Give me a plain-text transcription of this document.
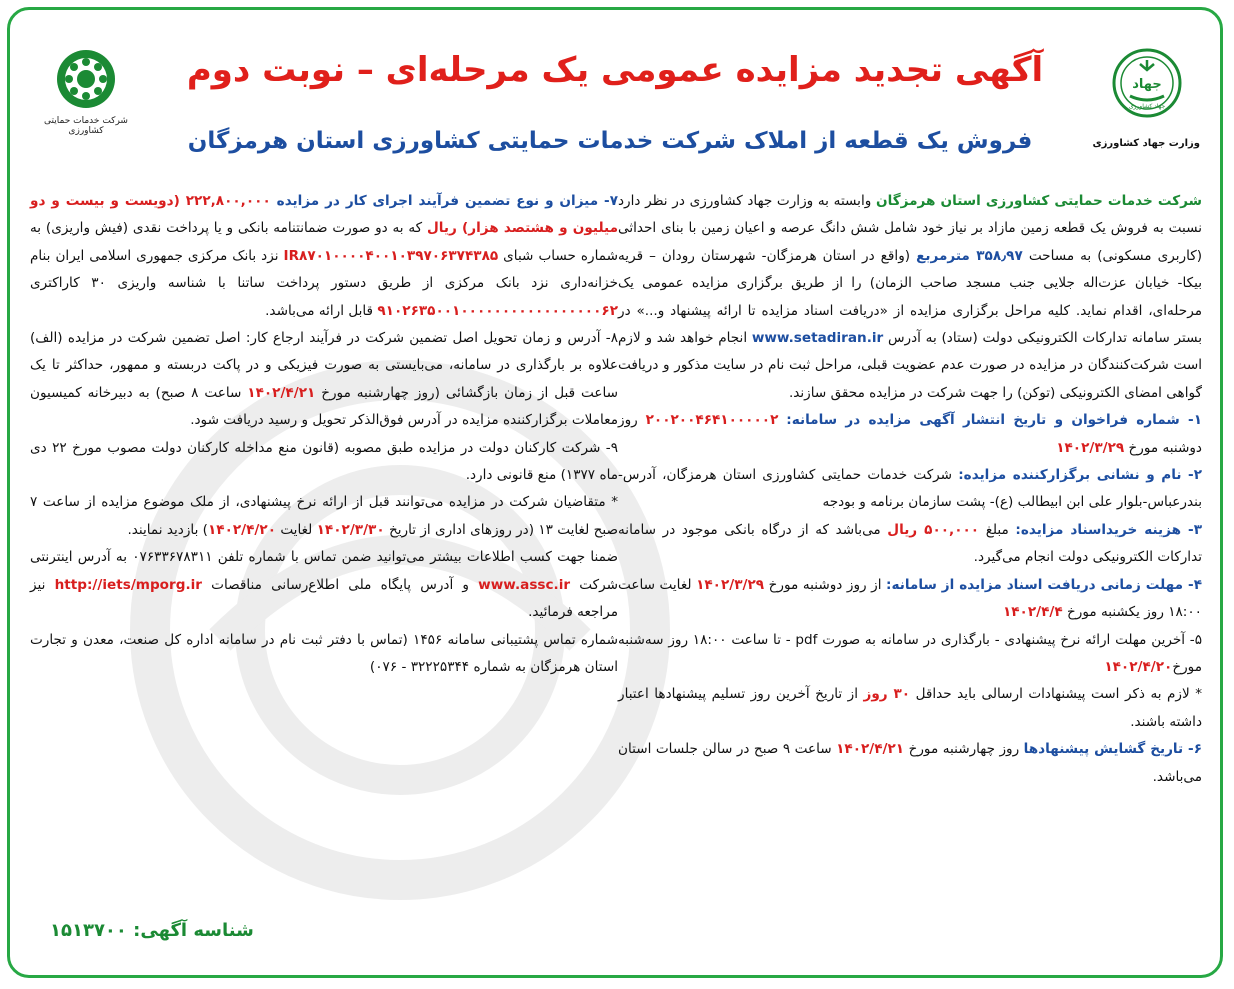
جهاد
جهاد کشاورزی
وزارت جهاد کشاورزی
شرکت خدمات حمایتی کشاورزی
آگهی تجدید مزایده عمومی یک مرحله‌ای – نوبت دوم
فروش یک قطعه از املاک شرکت خدمات حمایتی کشاورزی استان هرمزگان

شرکت خدمات حمایتی کشاورزی استان هرمزگان وابسته به وزارت جهاد کشاورزی در نظر دارد نسبت به فروش یک قطعه زمین مازاد بر نیاز خود شامل شش دانگ عرصه و اعیان زمین با بنای احداثی (کاربری مسکونی) به مساحت ۳۵۸٫۹۷ مترمربع (واقع در استان هرمزگان- شهرستان رودان – قریه بیکا- خیابان عزت‌اله جلایی جنب مسجد صاحب الزمان) را از طریق برگزاری مزایده عمومی یک مرحله‌ای، اقدام نماید. کلیه مراحل برگزاری مزایده از «دریافت اسناد مزایده تا ارائه پیشنهاد و...» در بستر سامانه تدارکات الکترونیکی دولت (ستاد) به آدرس www.setadiran.ir انجام خواهد شد و لازم است شرکت‌کنندگان در مزایده در صورت عدم عضویت قبلی، مراحل ثبت نام در سایت مذکور و دریافت گواهی امضای الکترونیکی (توکن) را جهت شرکت در مزایده محقق سازند.

۱- شماره فراخوان و تاریخ انتشار آگهی مزایده در سامانه: ۲۰۰۲۰۰۴۶۴۱۰۰۰۰۰۲ روز دوشنبه مورخ ۱۴۰۲/۳/۲۹

۲- نام و نشانی برگزارکننده مزایده: شرکت خدمات حمایتی کشاورزی استان هرمزگان، آدرس- بندرعباس-بلوار علی ابن ابیطالب (ع)- پشت سازمان برنامه و بودجه

۳- هزینه خریداسناد مزایده: مبلغ ۵۰۰,۰۰۰ ریال می‌باشد که از درگاه بانکی موجود در سامانه تدارکات الکترونیکی دولت انجام می‌گیرد.

۴- مهلت زمانی دریافت اسناد مزایده از سامانه: از روز دوشنبه مورخ ۱۴۰۲/۳/۲۹ لغایت ساعت ۱۸:۰۰ روز یکشنبه مورخ ۱۴۰۲/۴/۴

۵- آخرین مهلت ارائه نرخ پیشنهادی - بارگذاری در سامانه به صورت pdf - تا ساعت ۱۸:۰۰ روز سه‌شنبه مورخ۱۴۰۲/۴/۲۰

* لازم به ذکر است پیشنهادات ارسالی باید حداقل ۳۰ روز از تاریخ آخرین روز تسلیم پیشنهادها اعتبار داشته باشند.

۶- تاریخ گشایش پیشنهادها روز چهارشنبه مورخ ۱۴۰۲/۴/۲۱ ساعت ۹ صبح در سالن جلسات استان می‌باشد.

۷- میزان و نوع تضمین فرآیند اجرای کار در مزایده ۲۲۲,۸۰۰,۰۰۰ (دویست و بیست و دو میلیون و هشتصد هزار) ریال که به دو صورت ضمانتنامه بانکی و یا پرداخت نقدی (فیش واریزی) به شماره حساب شبای IR۸۷۰۱۰۰۰۰۴۰۰۱۰۳۹۷۰۶۳۷۴۳۸۵ نزد بانک مرکزی جمهوری اسلامی ایران بنام خزانه‌داری نزد بانک مرکزی از طریق دستور پرداخت ساتنا با شناسه واریزی ۳۰ کاراکتری ۹۱۰۲۶۳۵۰۰۱۰۰۰۰۰۰۰۰۰۰۰۰۰۰۰۰۰۶۲ قابل ارائه می‌باشد.

۸- آدرس و زمان تحویل اصل تضمین شرکت در فرآیند ارجاع کار: اصل تضمین شرکت در مزایده (الف) علاوه بر بارگذاری در سامانه، می‌بایستی به صورت فیزیکی و در پاکت دربسته و ممهور، حداکثر تا یک ساعت قبل از زمان بازگشائی (روز چهارشنبه مورخ ۱۴۰۲/۴/۲۱ ساعت ۸ صبح) به دبیرخانه کمیسیون معاملات برگزارکننده مزایده در آدرس فوق‌الذکر تحویل و رسید دریافت شود.

۹- شرکت کارکنان دولت در مزایده طبق مصوبه (قانون منع مداخله کارکنان دولت مصوب مورخ ۲۲ دی ماه ۱۳۷۷) منع قانونی دارد.

* متقاضیان شرکت در مزایده می‌توانند قبل از ارائه نرخ پیشنهادی، از ملک موضوع مزایده از ساعت ۷ صبح لغایت ۱۳ (در روزهای اداری از تاریخ ۱۴۰۲/۳/۳۰ لغایت ۱۴۰۲/۴/۲۰) بازدید نمایند.

ضمنا جهت کسب اطلاعات بیشتر می‌توانید ضمن تماس با شماره تلفن ۰۷۶۳۳۶۷۸۳۱۱ به آدرس اینترنتی شرکت www.assc.ir و آدرس پایگاه ملی اطلاع‌رسانی مناقصات http://iets/mporg.ir نیز مراجعه فرمائید.

شماره تماس پشتیبانی سامانه ۱۴۵۶ (تماس با دفتر ثبت نام در سامانه اداره کل صنعت، معدن و تجارت استان هرمزگان به شماره ۳۲۲۲۵۳۴۴ - ۰۷۶)

شناسه آگهی: ۱۵۱۳۷۰۰
